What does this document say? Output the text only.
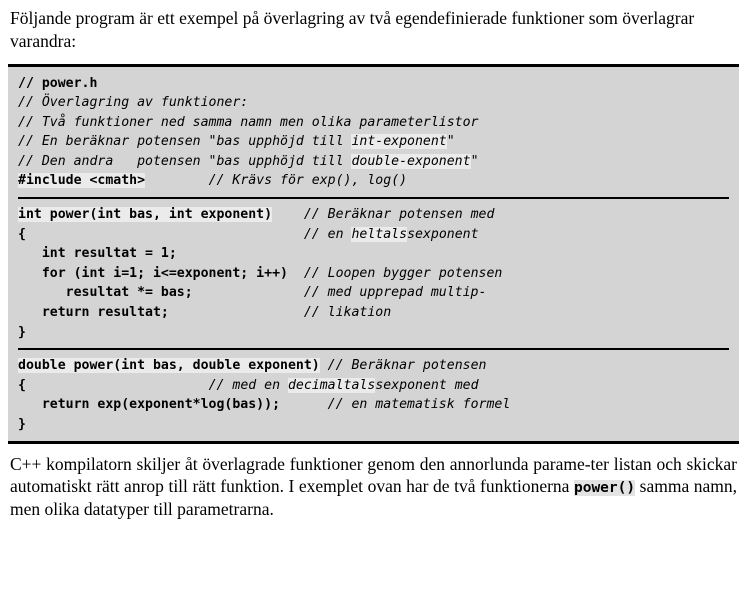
Följande program är ett exempel på överlagring av två egendefinierade funktioner som överlagrar varandra:

// power.h
// Överlagring av funktioner:
// Två funktioner ned samma namn men olika parameterlistor
// En beräknar potensen "bas upphöjd till int-exponent"
// Den andra   potensen "bas upphöjd till double-exponent"
#include <cmath>	// Krävs för exp(), log()
int power(int bas, int exponent) // Beräknar potensen med
{	// en heltalssexponent
int resultat = 1;
for (int i=1; i<=exponent; i++) // Loopen bygger potensen
resultat *= bas;	// med upprepad multip-
return resultat;	// likation
}
double power(int bas, double exponent) // Beräknar potensen
{	// med en decimaltalssexponent med
return exp(exponent*log(bas));	// en matematisk formel
}

C++ kompilatorn skiljer åt överlagrade funktioner genom den annorlunda parame-ter listan och skickar automatiskt rätt anrop till rätt funktion. I exemplet ovan har de två funktionerna power() samma namn, men olika datatyper till parametrarna.
